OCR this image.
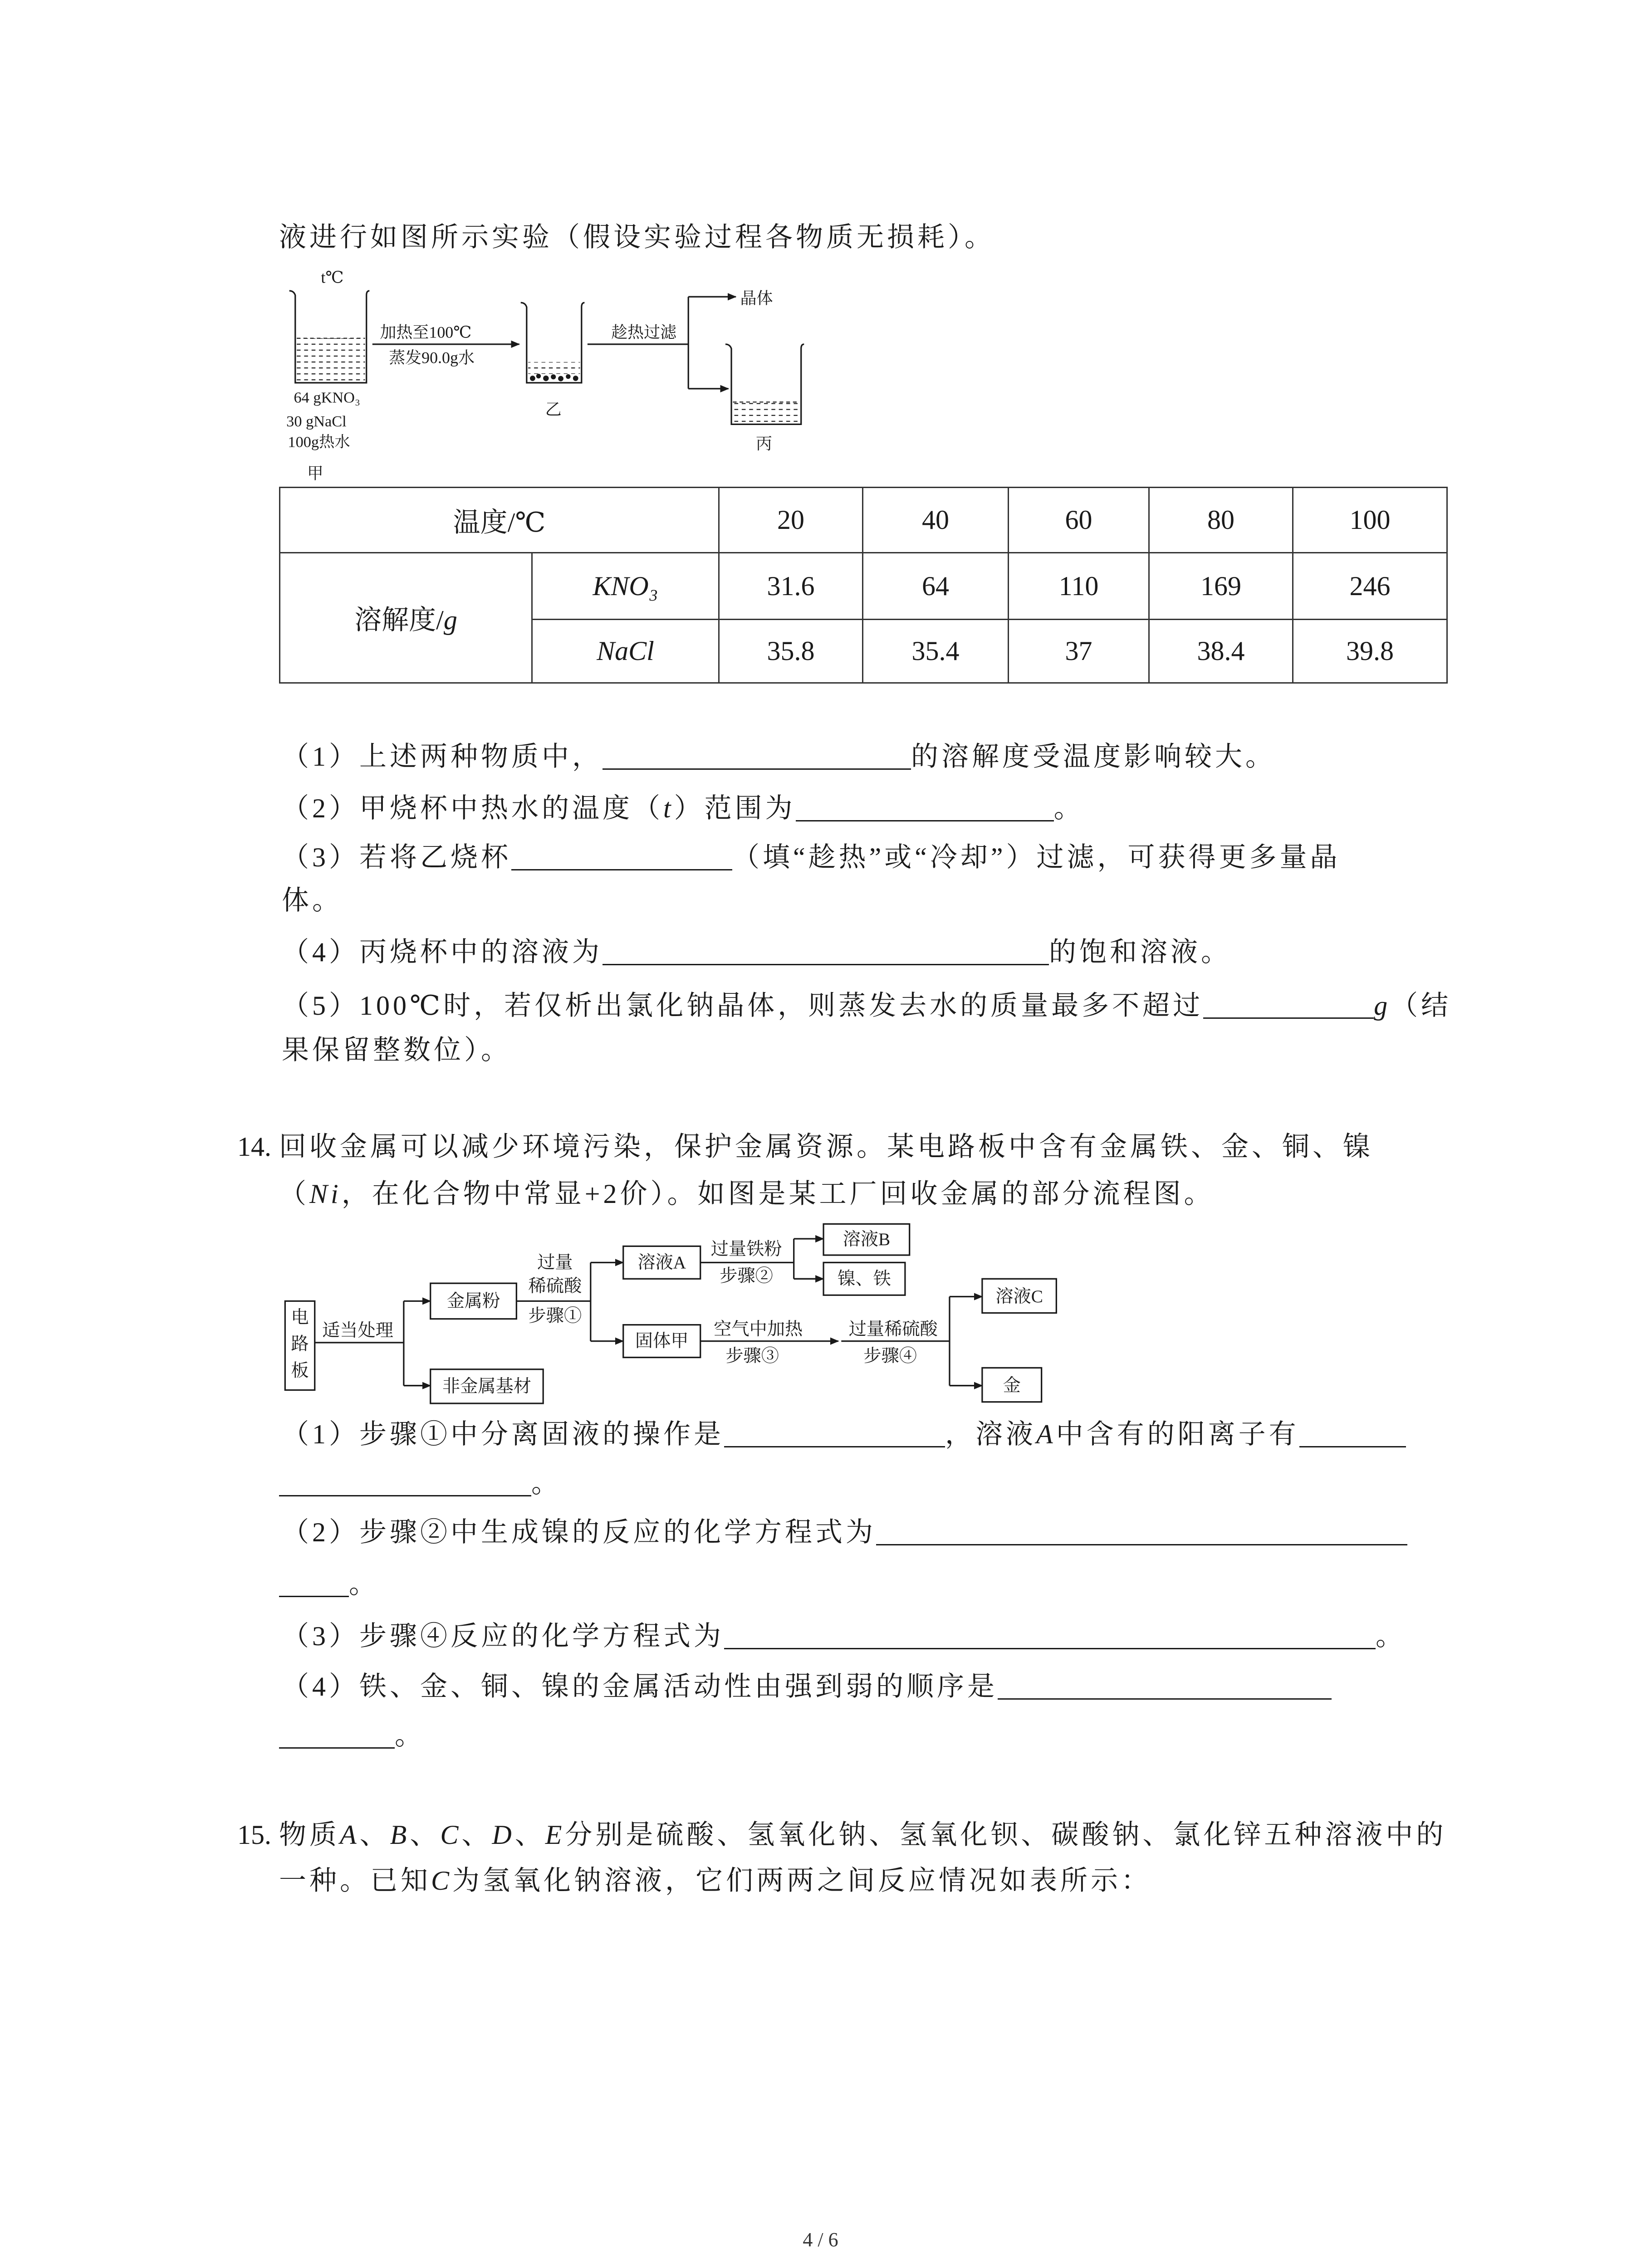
液进行如图所示实验（假设实验过程各物质无损耗）。
t℃
64 gKNO₃
30 gNaCl
100g热水
甲
加热至100℃
蒸发90.0g水
乙
趁热过滤
晶体
丙
温度/℃		20	40	60	80	100
溶解度/g	KNO₃	31.6	64	110	169	246
	NaCl	35.8	35.4	37	38.4	39.8
（1）上述两种物质中，	的溶解度受温度影响较大。
（2）甲烧杯中热水的温度（t）范围为	。
（3）若将乙烧杯	（填“趁热”或“冷却”）过滤，可获得更多量晶
体。
（4）丙烧杯中的溶液为	的饱和溶液。
（5）100℃时，若仅析出氯化钠晶体，则蒸发去水的质量最多不超过	g（结
果保留整数位）。
14. 回收金属可以减少环境污染，保护金属资源。某电路板中含有金属铁、金、铜、镍
（Ni，在化合物中常显+2价）。如图是某工厂回收金属的部分流程图。
电
路
板
适当处理
金属粉
非金属基材
过量
稀硫酸
步骤①
溶液A
固体甲
过量铁粉
步骤②
溶液B
镍、铁
空气中加热
步骤③
过量稀硫酸
步骤④
溶液C
金
（1）步骤①中分离固液的操作是	，溶液A中含有的阳离子有
。
（2）步骤②中生成镍的反应的化学方程式为
。
（3）步骤④反应的化学方程式为	。
（4）铁、金、铜、镍的金属活动性由强到弱的顺序是
。
15. 物质A、B、C、D、E分别是硫酸、氢氧化钠、氢氧化钡、碳酸钠、氯化锌五种溶液中的
一种。已知C为氢氧化钠溶液，它们两两之间反应情况如表所示：
4 / 6
